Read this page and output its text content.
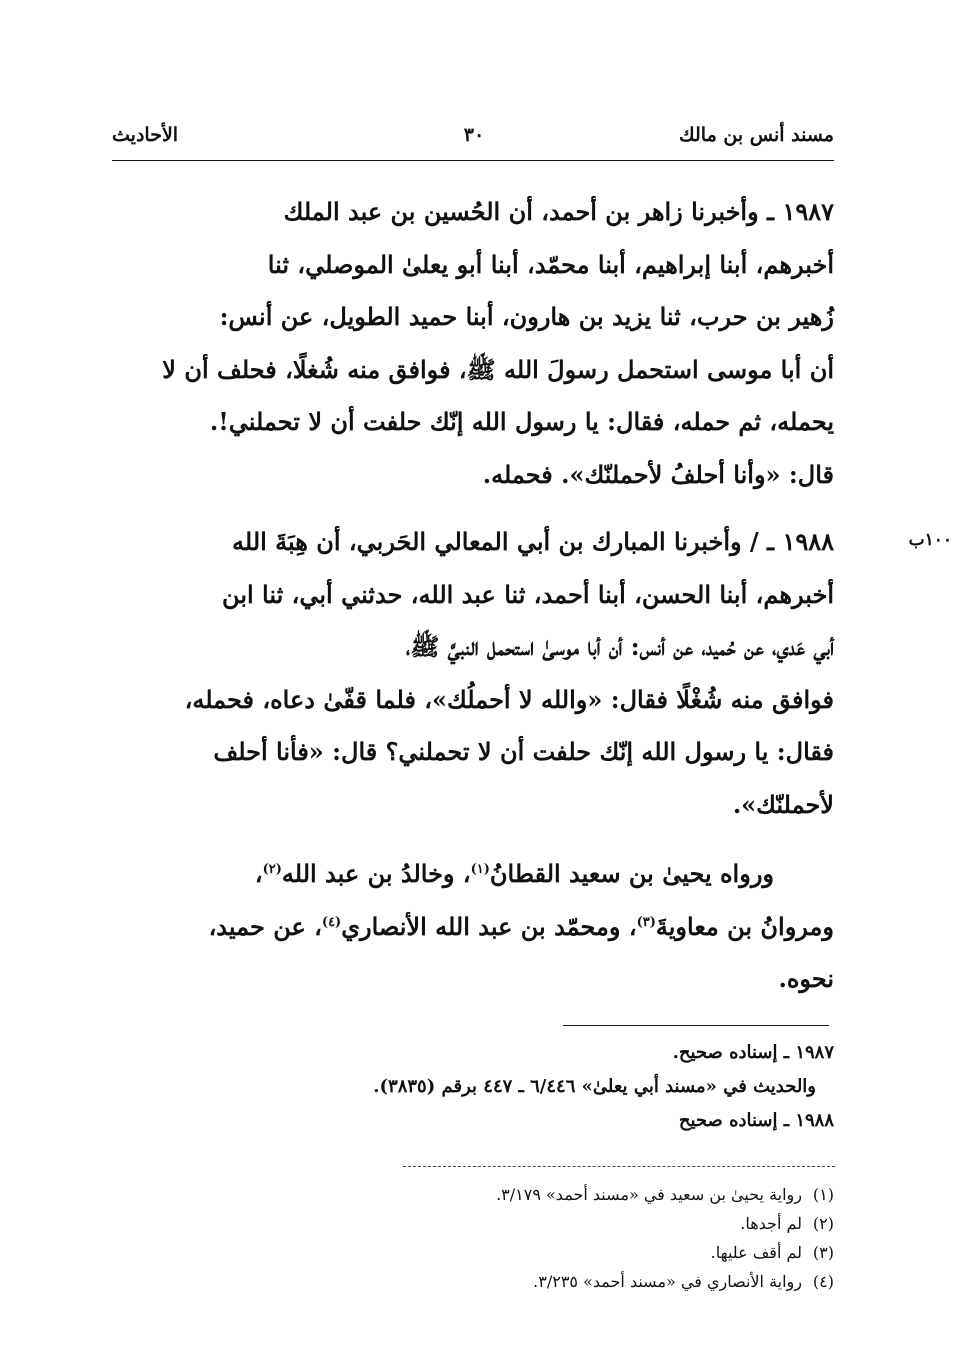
مسند أنس بن مالك
٣٠
الأحاديث
١٩٨٧ ـ وأخبرنا زاهر بن أحمد، أن الحُسين بن عبد الملك
أخبرهم، أبنا إبراهيم، أبنا محمّد، أبنا أبو يعلىٰ الموصلي، ثنا
زُهير بن حرب، ثنا يزيد بن هارون، أبنا حميد الطويل، عن أنس:
أن أبا موسى استحمل رسولَ الله ﷺ، فوافق منه شُغلًا، فحلف أن لا
يحمله، ثم حمله، فقال: يا رسول الله إنّك حلفت أن لا تحملني!.
قال: «وأنا أحلفُ لأحملنّك». فحمله.
١٠٠ب
١٩٨٨ ـ / وأخبرنا المبارك بن أبي المعالي الحَربي، أن هِبَةَ الله
أخبرهم، أبنا الحسن، أبنا أحمد، ثنا عبد الله، حدثني أبي، ثنا ابن
أبي عَدي، عن حُميد، عن أنس: أن أبا موسىٰ استحمل النبيَّ ﷺ،
فوافق منه شُغْلًا فقال: «والله لا أحملُك»، فلما قفّىٰ دعاه، فحمله،
فقال: يا رسول الله إنّك حلفت أن لا تحملني؟ قال: «فأنا أحلف
لأحملنّك».
ورواه يحيىٰ بن سعيد القطانُ$^{(١)}$، وخالدُ بن عبد الله$^{(٢)}$،
ومروانُ بن معاويةَ$^{(٣)}$، ومحمّد بن عبد الله الأنصاري$^{(٤)}$، عن حميد،
نحوه.

١٩٨٧ ـ إسناده صحيح.

والحديث في «مسند أبي يعلىٰ» ٦/٤٤٦ ـ ٤٤٧ برقم (٣٨٣٥).

١٩٨٨ ـ إسناده صحيح

(١)رواية يحيىٰ بن سعيد في «مسند أحمد» ٣/١٧٩.

(٢)لم أجدها.

(٣)لم أقف عليها.

(٤)رواية الأنصاري في «مسند أحمد» ٣/٢٣٥.
